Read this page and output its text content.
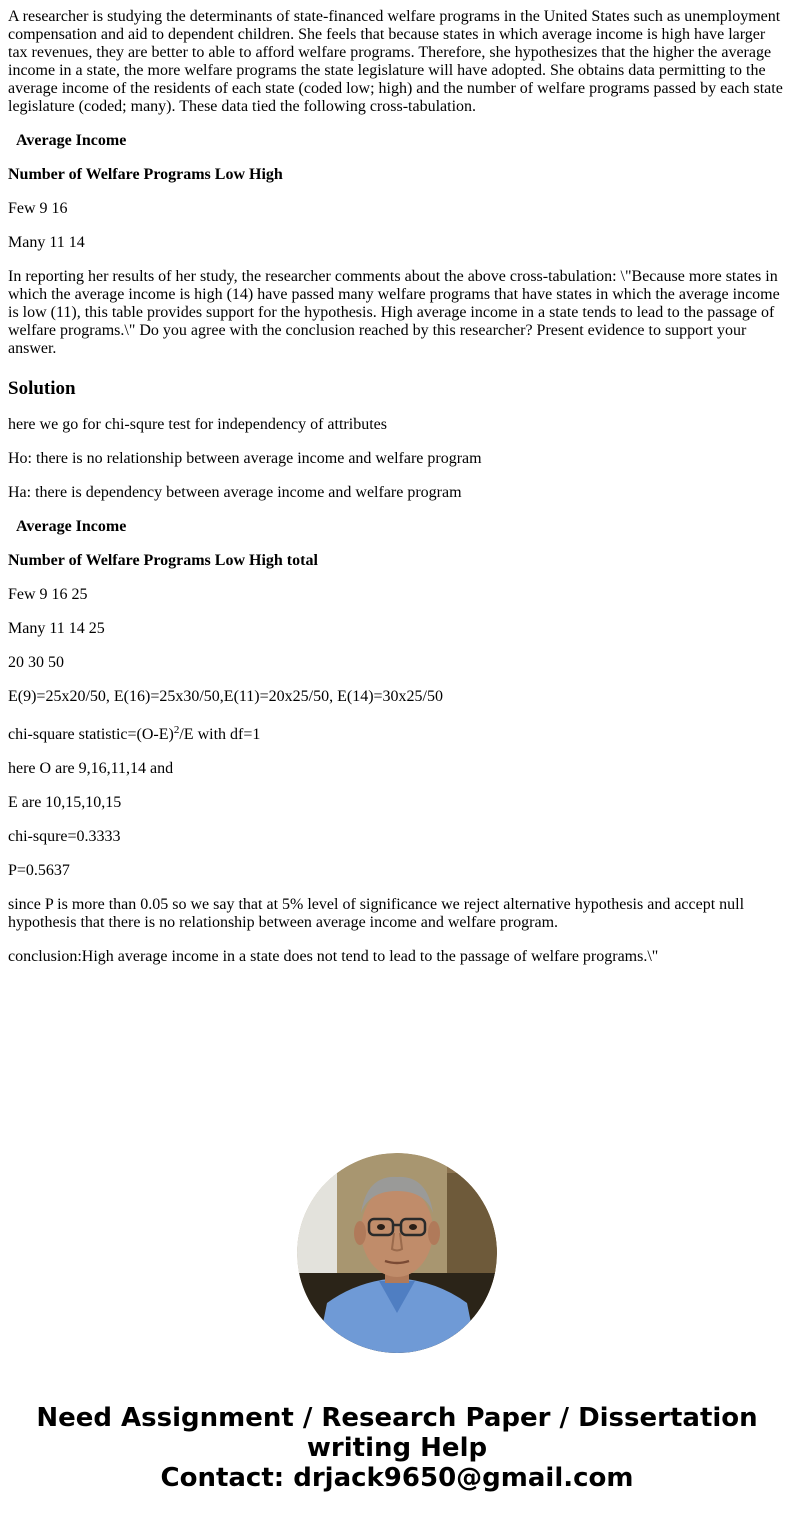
A researcher is studying the determinants of state-financed welfare programs in the United States such as unemployment compensation and aid to dependent children. She feels that because states in which average income is high have larger tax revenues, they are better to able to afford welfare programs. Therefore, she hypothesizes that the higher the average income in a state, the more welfare programs the state legislature will have adopted. She obtains data permitting to the average income of the residents of each state (coded low; high) and the number of welfare programs passed by each state legislature (coded; many). These data tied the following cross-tabulation.

Average Income

Number of Welfare Programs Low High

Few 9 16

Many 11 14

In reporting her results of her study, the researcher comments about the above cross-tabulation: \"Because more states in which the average income is high (14) have passed many welfare programs that have states in which the average income is low (11), this table provides support for the hypothesis. High average income in a state tends to lead to the passage of welfare programs.\" Do you agree with the conclusion reached by this researcher? Present evidence to support your answer.

Solution

here we go for chi-squre test for independency of attributes

Ho: there is no relationship between average income and welfare program

Ha: there is dependency between average income and welfare program

Average Income

Number of Welfare Programs Low High total

Few 9 16 25

Many 11 14 25

20 30 50

E(9)=25x20/50, E(16)=25x30/50,E(11)=20x25/50, E(14)=30x25/50

chi-square $statistic=(O-E)^2/E$ with df=1

here O are 9,16,11,14 and

E are 10,15,10,15

chi-squre=0.3333

P=0.5637

since P is more than 0.05 so we say that at 5% level of significance we reject alternative hypothesis and accept null hypothesis that there is no relationship between average income and welfare program.

conclusion:High average income in a state does not tend to lead to the passage of welfare programs.\"

Need Assignment / Research Paper / Dissertation
writing Help
Contact: drjack9650@gmail.com
